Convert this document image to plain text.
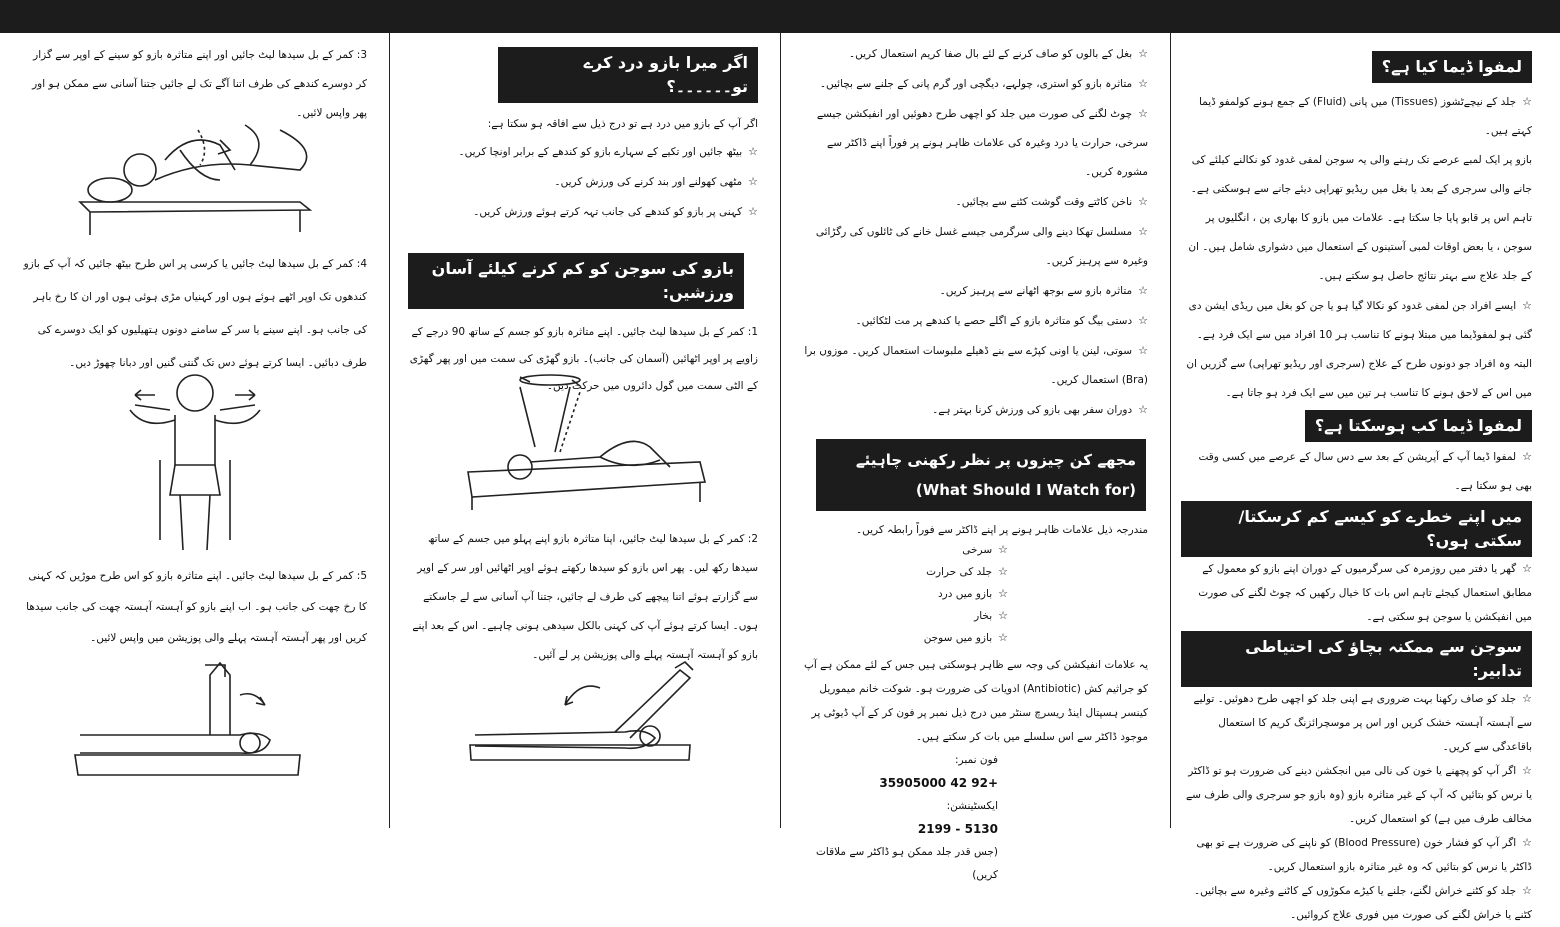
لمفوا ڈیما کیا ہے؟

☆جلد کے نیچےٹشوز (Tissues) میں پانی (Fluid) کے جمع ہونے کولمفو ڈیما کہتے ہیں۔

بازو پر ایک لمبے عرصے تک رہنے والی یہ سوجن لمفی غدود کو نکالنے کیلئے کی جانے والی سرجری کے بعد یا بغل میں ریڈیو تھراپی دیئے جانے سے ہوسکتی ہے۔ تاہم اس پر قابو پایا جا سکتا ہے۔ علامات میں بازو کا بھاری پن ، انگلیوں پر سوجن ، یا بعض اوقات لمبی آستینوں کے استعمال میں دشواری شامل ہیں۔ ان کے جلد علاج سے بہتر نتائج حاصل ہو سکتے ہیں۔

☆ایسے افراد جن لمفی غدود کو نکالا گیا ہو یا جن کو بغل میں ریڈی ایشن دی گئی ہو لمفوڈیما میں مبتلا ہونے کا تناسب ہر 10 افراد میں سے ایک فرد ہے۔ البتہ وہ افراد جو دونوں طرح کے علاج (سرجری اور ریڈیو تھراپی) سے گزریں ان میں اس کے لاحق ہونے کا تناسب ہر تین میں سے ایک فرد ہو جاتا ہے۔

لمفوا ڈیما کب ہوسکتا ہے؟

☆لمفوا ڈیما آپ کے آپریشن کے بعد سے دس سال کے عرصے میں کسی وقت بھی ہو سکتا ہے۔

میں اپنے خطرے کو کیسے کم کرسکتا/سکتی ہوں؟

☆گھر یا دفتر میں روزمرہ کی سرگرمیوں کے دوران اپنے بازو کو معمول کے مطابق استعمال کیجئے تاہم اس بات کا خیال رکھیں کہ چوٹ لگنے کی صورت میں انفیکشن یا سوجن ہو سکتی ہے۔

سوجن سے ممکنہ بچاؤ کی احتیاطی تدابیر:
☆جلد کو صاف رکھنا بہت ضروری ہے اپنی جلد کو اچھی طرح دھوئیں۔ تولیے سے آہستہ آہستہ خشک کریں اور اس پر موسچرائزنگ کریم کا استعمال باقاعدگی سے کریں۔
☆اگر آپ کو پچھنے یا خون کی نالی میں انجکشن دینے کی ضرورت ہو تو ڈاکٹر یا نرس کو بتائیں کہ آپ کے غیر متاثرہ بازو (وہ بازو جو سرجری والی طرف سے مخالف طرف میں ہے) کو استعمال کریں۔
☆اگر آپ کو فشار خون (Blood Pressure) کو ناپنے کی ضرورت ہے تو بھی ڈاکٹر یا نرس کو بتائیں کہ وہ غیر متاثرہ بازو استعمال کریں۔
☆جلد کو کٹنے خراش لگنے، جلنے یا کیڑے مکوڑوں کے کاٹنے وغیرہ سے بچائیں۔ کٹنے یا خراش لگنے کی صورت میں فوری علاج کروائیں۔
☆بغل کے بالوں کو صاف کرنے کے لئے بال صفا کریم استعمال کریں۔
☆متاثرہ بازو کو استری، چولہے، دیگچی اور گرم پانی کے جلنے سے بچائیں۔
☆چوٹ لگنے کی صورت میں جلد کو اچھی طرح دھوئیں اور انفیکشن جیسے سرخی، حرارت یا درد وغیرہ کی علامات ظاہر ہونے پر فوراً اپنے ڈاکٹر سے مشورہ کریں۔
☆ناخن کاٹتے وقت گوشت کٹنے سے بچائیں۔
☆مسلسل تھکا دینے والی سرگرمی جیسے غسل خانے کی ٹائلوں کی رگڑائی وغیرہ سے پرہیز کریں۔
☆متاثرہ بازو سے بوجھ اٹھانے سے پرہیز کریں۔
☆دستی بیگ کو متاثرہ بازو کے اگلے حصے یا کندھے پر مت لٹکائیں۔
☆سوتی، لینن یا اونی کپڑے سے بنے ڈھیلے ملبوسات استعمال کریں۔ موزوں برا (Bra) استعمال کریں۔
☆دوران سفر بھی بازو کی ورزش کرنا بہتر ہے۔
مجھے کن چیزوں پر نظر رکھنی چاہیئے (What Should I Watch for)

مندرجہ ذیل علامات ظاہر ہونے پر اپنے ڈاکٹر سے فوراً رابطہ کریں۔

☆سرخی
☆جلد کی حرارت
☆بازو میں درد
☆بخار
☆بازو میں سوجن

یہ علامات انفیکشن کی وجہ سے ظاہر ہوسکتی ہیں جس کے لئے ممکن ہے آپ کو جراثیم کش (Antibiotic) ادویات کی ضرورت ہو۔ شوکت خانم میموریل کینسر ہسپتال اینڈ ریسرچ سنٹر میں درج ذیل نمبر پر فون کر کے آپ ڈیوٹی پر موجود ڈاکٹر سے اس سلسلے میں بات کر سکتے ہیں۔

فون نمبر:
+92 42 35905000
ایکسٹینشن:
5130 - 2199
(جس قدر جلد ممکن ہو ڈاکٹر سے ملاقات کریں)
اگر میرا بازو درد کرے تو۔۔۔۔۔۔؟

اگر آپ کے بازو میں درد ہے تو درج ذیل سے افاقہ ہو سکتا ہے:

☆بیٹھ جائیں اور تکیے کے سہارے بازو کو کندھے کے برابر اونچا کریں۔
☆مٹھی کھولنے اور بند کرنے کی ورزش کریں۔
☆کہنی پر بازو کو کندھے کی جانب تہہ کرتے ہوئے ورزش کریں۔
بازو کی سوجن کو کم کرنے کیلئے آسان ورزشیں:

1: کمر کے بل سیدھا لیٹ جائیں۔ اپنے متاثرہ بازو کو جسم کے ساتھ 90 درجے کے زاویے پر اوپر اٹھائیں (آسمان کی جانب)۔ بازو گھڑی کی سمت میں اور پھر گھڑی کے الٹی سمت میں گول دائروں میں حرکت دیں۔

2: کمر کے بل سیدھا لیٹ جائیں، اپنا متاثرہ بازو اپنے پہلو میں جسم کے ساتھ سیدھا رکھ لیں۔ پھر اس بازو کو سیدھا رکھتے ہوئے اوپر اٹھائیں اور سر کے اوپر سے گزارتے ہوئے اتنا پیچھے کی طرف لے جائیں، جتنا آپ آسانی سے لے جاسکتے ہوں۔ ایسا کرتے ہوئے آپ کی کہنی بالکل سیدھی ہونی چاہیے۔ اس کے بعد اپنے بازو کو آہستہ آہستہ پہلے والی پوزیشن پر لے آئیں۔

3: کمر کے بل سیدھا لیٹ جائیں اور اپنے متاثرہ بازو کو سینے کے اوپر سے گزار کر دوسرے کندھے کی طرف اتنا آگے تک لے جائیں جتنا آسانی سے ممکن ہو اور پھر واپس لائیں۔

4: کمر کے بل سیدھا لیٹ جائیں یا کرسی پر اس طرح بیٹھ جائیں کہ آپ کے بازو کندھوں تک اوپر اٹھے ہوئے ہوں اور کہنیاں مڑی ہوئی ہوں اور ان کا رخ باہر کی جانب ہو۔ اپنے سینے یا سر کے سامنے دونوں ہتھیلیوں کو ایک دوسرے کی طرف دبائیں۔ ایسا کرتے ہوئے دس تک گنتی گنیں اور دبانا چھوڑ دیں۔

5: کمر کے بل سیدھا لیٹ جائیں۔ اپنے متاثرہ بازو کو اس طرح موڑیں کہ کہنی کا رخ چھت کی جانب ہو۔ اب اپنے بازو کو آہستہ آہستہ چھت کی جانب سیدھا کریں اور پھر آہستہ آہستہ پہلے والی پوزیشن میں واپس لائیں۔
